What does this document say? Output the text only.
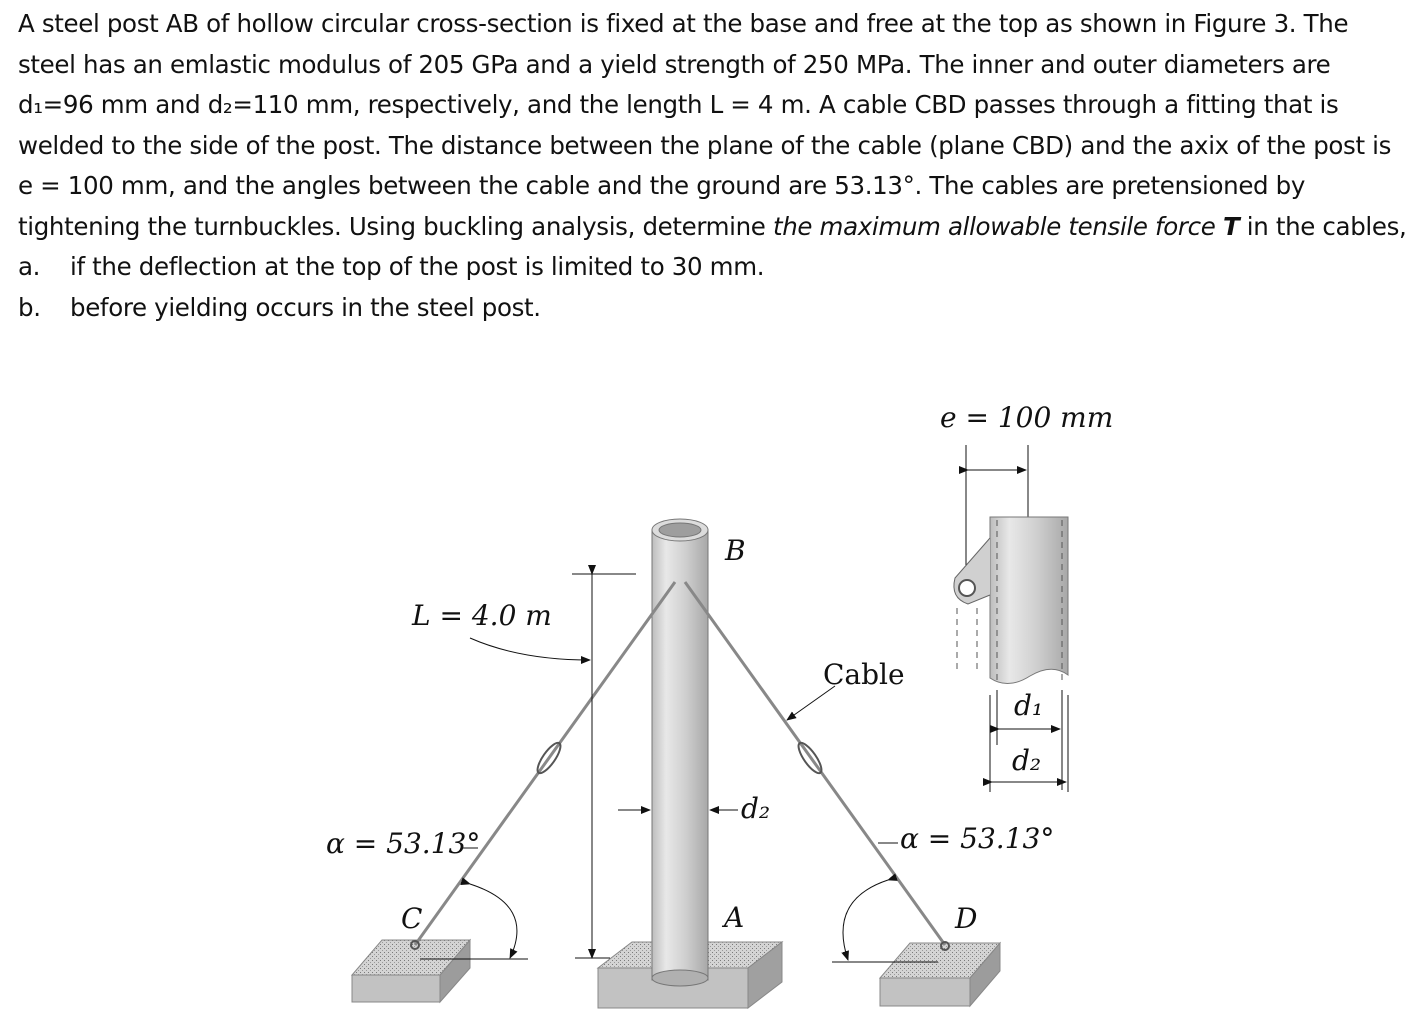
A steel post AB of hollow circular cross-section is fixed at the base and free at the top as shown in Figure 3. The steel has an emlastic modulus of 205 GPa and a yield strength of 250 MPa. The inner and outer diameters are d₁=96 mm and d₂=110 mm, respectively, and the length L = 4 m. A cable CBD passes through a fitting that is welded to the side of the post. The distance between the plane of the cable (plane CBD) and the axix of the post is e = 100 mm, and the angles between the cable and the ground are 53.13°. The cables are pretensioned by tightening the turnbuckles. Using buckling analysis, determine the maximum allowable tensile force T in the cables,

a.	if the deflection at the top of the post is limited to 30 mm.
b.	before yielding occurs in the steel post.
e = 100 mm
B
L = 4.0 m
Cable
d₁
d₂
d₂
α = 53.13°	α = 53.13°
C	A	D
